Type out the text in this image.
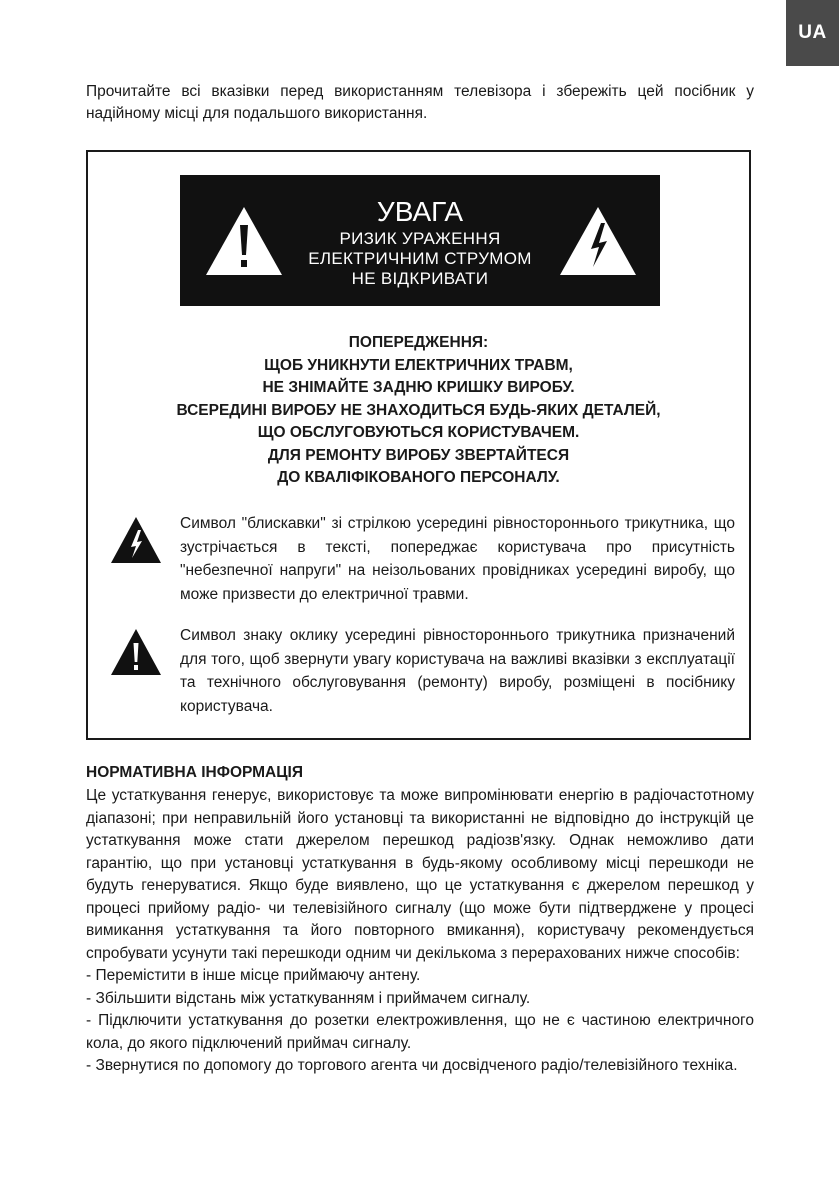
UA
Прочитайте всі вказівки перед використанням телевізора і збережіть цей посібник у надійному місці для подальшого використання.
УВАГА
РИЗИК УРАЖЕННЯ
ЕЛЕКТРИЧНИМ СТРУМОМ
НЕ ВІДКРИВАТИ
ПОПЕРЕДЖЕННЯ:
ЩОБ УНИКНУТИ ЕЛЕКТРИЧНИХ ТРАВМ,
НЕ ЗНІМАЙТЕ ЗАДНЮ КРИШКУ ВИРОБУ.
ВСЕРЕДИНІ ВИРОБУ НЕ ЗНАХОДИТЬСЯ БУДЬ-ЯКИХ ДЕТАЛЕЙ,
ЩО ОБСЛУГОВУЮТЬСЯ КОРИСТУВАЧЕМ.
ДЛЯ РЕМОНТУ ВИРОБУ ЗВЕРТАЙТЕСЯ
ДО КВАЛІФІКОВАНОГО ПЕРСОНАЛУ.
Символ "блискавки" зі стрілкою усередині рівностороннього трикутника, що зустрічається в тексті, попереджає користувача про присутність "небезпечної напруги" на неізольованих провідниках усередині виробу, що може призвести до електричної травми.
Символ знаку оклику усередині рівностороннього трикутника призначений для того, щоб звернути увагу користувача на важливі вказівки з експлуатації та технічного обслуговування (ремонту) виробу, розміщені в посібнику користувача.
НОРМАТИВНА ІНФОРМАЦІЯ

Це устаткування генерує, використовує та може випромінювати енергію в радіочастотному діапазоні; при неправильній його установці та використанні не відповідно до інструкцій це устаткування може стати джерелом перешкод радіозв'язку. Однак неможливо дати гарантію, що при установці устаткування в будь-якому особливому місці перешкоди не будуть генеруватися. Якщо буде виявлено, що це устаткування є джерелом перешкод у процесі прийому радіо- чи телевізійного сигналу (що може бути підтверджене у процесі вимикання устаткування та його повторного вмикання), користувачу рекомендується спробувати усунути такі перешкоди одним чи декількома з перерахованих нижче способів:

- Перемістити в інше місце приймаючу антену.

- Збільшити відстань між устаткуванням і приймачем сигналу.

- Підключити устаткування до розетки електроживлення, що не є частиною електричного кола, до якого підключений приймач сигналу.

- Звернутися по допомогу до торгового агента чи досвідченого радіо/телевізійного техніка.
